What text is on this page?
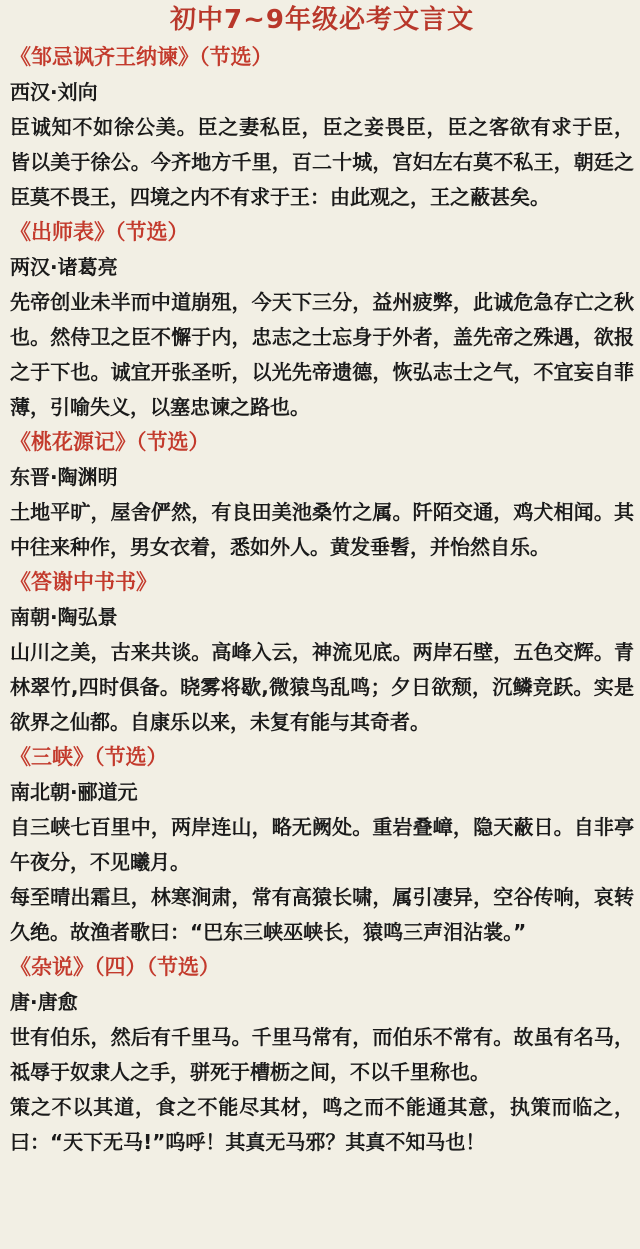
初中7~9年级必考文言文
《邹忌讽齐王纳谏》（节选）
西汉·刘向
臣诚知不如徐公美。臣之妻私臣，臣之妾畏臣，臣之客欲有求于臣，
皆以美于徐公。今齐地方千里，百二十城，宫妇左右莫不私王，朝廷之
臣莫不畏王，四境之内不有求于王：由此观之，王之蔽甚矣。
《出师表》（节选）
两汉·诸葛亮
先帝创业未半而中道崩殂，今天下三分，益州疲弊，此诚危急存亡之秋
也。然侍卫之臣不懈于内，忠志之士忘身于外者，盖先帝之殊遇，欲报
之于下也。诚宜开张圣听，以光先帝遗德，恢弘志士之气，不宜妄自菲
薄，引喻失义，以塞忠谏之路也。
《桃花源记》（节选）
东晋·陶渊明
土地平旷，屋舍俨然，有良田美池桑竹之属。阡陌交通，鸡犬相闻。其
中往来种作，男女衣着，悉如外人。黄发垂髫，并怡然自乐。
《答谢中书书》
南朝·陶弘景
山川之美，古来共谈。高峰入云，神流见底。两岸石壁，五色交辉。青
林翠竹,四时俱备。晓雾将歇,微猿鸟乱鸣；夕日欲颓，沉鳞竞跃。实是
欲界之仙都。自康乐以来，未复有能与其奇者。
《三峡》（节选）
南北朝·郦道元
自三峡七百里中，两岸连山，略无阙处。重岩叠嶂，隐天蔽日。自非亭
午夜分，不见曦月。
每至晴出霜旦，林寒涧肃，常有高猿长啸，属引凄异，空谷传响，哀转
久绝。故渔者歌曰：“巴东三峡巫峡长，猿鸣三声泪沾裳。”
《杂说》（四）（节选）
唐·唐愈
世有伯乐，然后有千里马。千里马常有，而伯乐不常有。故虽有名马，
祗辱于奴隶人之手，骈死于槽枥之间，不以千里称也。
策之不以其道，食之不能尽其材，鸣之而不能通其意，执策而临之，
曰：“天下无马!”呜呼！其真无马邪？其真不知马也！
